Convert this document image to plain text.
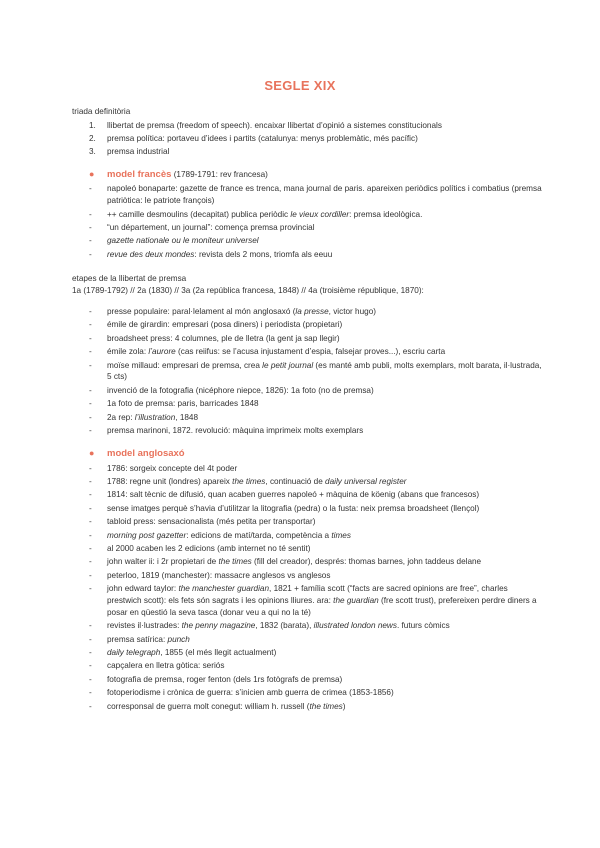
SEGLE XIX

triada definitòria

1. llibertat de premsa (freedom of speech). encaixar llibertat d’opinió a sistemes constitucionals
2. premsa política: portaveu d’idees i partits (catalunya: menys problemàtic, més pacífic)
3. premsa industrial
● model francès (1789-1791: rev francesa)
- napoleó bonaparte: gazette de france es trenca, mana journal de paris. apareixen periòdics polítics i combatius (premsa patriòtica: le patriote françois)
- ++ camille desmoulins (decapitat) publica periòdic le vieux cordiller: premsa ideològica.
- “un département, un journal”: comença premsa provincial
- gazette nationale ou le moniteur universel
- revue des deux mondes: revista dels 2 mons, triomfa als eeuu

etapes de la llibertat de premsa

1a (1789-1792) // 2a (1830) // 3a (2a república francesa, 1848) // 4a (troisième république, 1870):

- presse populaire: paral·lelament al món anglosaxó (la presse, victor hugo)
- émile de girardin: empresari (posa diners) i periodista (propietari)
- broadsheet press: 4 columnes, ple de lletra (la gent ja sap llegir)
- émile zola: l’aurore (cas reiifus: se l’acusa injustament d’espia, falsejar proves...), escriu carta
- moïse millaud: empresari de premsa, crea le petit journal (es manté amb publi, molts exemplars, molt barata, il·lustrada, 5 cts)
- invenció de la fotografia (nicéphore niepce, 1826): 1a foto (no de premsa)
- 1a foto de premsa: paris, barricades 1848
- 2a rep: l’illustration, 1848
- premsa marinoni, 1872. revolució: màquina imprimeix molts exemplars
● model anglosaxó
- 1786: sorgeix concepte del 4t poder
- 1788: regne unit (londres) apareix the times, continuació de daily universal register
- 1814: salt tècnic de difusió, quan acaben guerres napoleó + màquina de köenig (abans que francesos)
- sense imatges perquè s’havia d’utilitzar la litografia (pedra) o la fusta: neix premsa broadsheet (llençol)
- tabloid press: sensacionalista (més petita per transportar)
- morning post gazetter: edicions de matí/tarda, competència a times
- al 2000 acaben les 2 edicions (amb internet no té sentit)
- john walter ii: i 2r propietari de the times (fill del creador), després: thomas barnes, john taddeus delane
- peterloo, 1819 (manchester): massacre anglesos vs anglesos
- john edward taylor: the manchester guardian, 1821 + família scott (“facts are sacred opinions are free”, charles prestwich scott): els fets són sagrats i les opinions lliures. ara: the guardian (fre scott trust), prefereixen perdre diners a posar en qüestió la seva tasca (donar veu a qui no la té)
- revistes il·lustrades: the penny magazine, 1832 (barata), illustrated london news. futurs còmics
- premsa satírica: punch
- daily telegraph, 1855 (el més llegit actualment)
- capçalera en lletra gòtica: seriós
- fotografia de premsa, roger fenton (dels 1rs fotògrafs de premsa)
- fotoperiodisme i crònica de guerra: s’inicien amb guerra de crimea (1853-1856)
- corresponsal de guerra molt conegut: william h. russell (the times)
